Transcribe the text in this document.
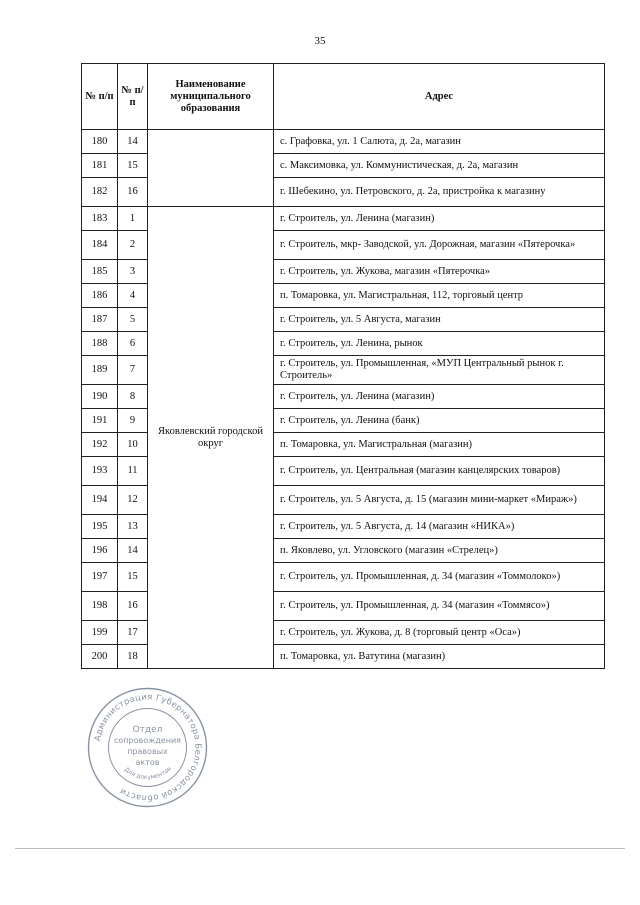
35
№ п/п	№ п/п	Наименование муниципального образования	Адрес
180	14		с. Графовка, ул. 1 Салюта, д. 2а, магазин
181	15		с. Максимовка, ул. Коммунистическая, д. 2а, магазин
182	16		г. Шебекино, ул. Петровского, д. 2а, пристройка к магазину
183	1	Яковлевский городской округ	г. Строитель, ул. Ленина (магазин)
184	2		г. Строитель, мкр- Заводской, ул. Дорожная, магазин «Пятерочка»
185	3		г. Строитель, ул. Жукова, магазин «Пятерочка»
186	4		п. Томаровка, ул. Магистральная, 112, торговый центр
187	5		г. Строитель, ул. 5 Августа, магазин
188	6		г. Строитель, ул. Ленина, рынок
189	7		г. Строитель, ул. Промышленная, «МУП Центральный рынок г. Строитель»
190	8		г. Строитель, ул. Ленина (магазин)
191	9		г. Строитель, ул. Ленина (банк)
192	10		п. Томаровка, ул. Магистральная (магазин)
193	11		г. Строитель, ул. Центральная (магазин канцелярских товаров)
194	12		г. Строитель, ул. 5 Августа, д. 15 (магазин мини-маркет «Мираж»)
195	13		г. Строитель, ул. 5 Августа, д. 14 (магазин «НИКА»)
196	14		п. Яковлево, ул. Угловского (магазин «Стрелец»)
197	15		г. Строитель, ул. Промышленная, д. 34 (магазин «Томмолоко»)
198	16		г. Строитель, ул. Промышленная, д. 34 (магазин «Томмясо»)
199	17		г. Строитель, ул. Жукова, д. 8 (торговый центр «Оса»)
200	18		п. Томаровка, ул. Ватутина (магазин)
Администрация Губернатора Белгородской области
Отдел
сопровождения
правовых
актов
Для документов
